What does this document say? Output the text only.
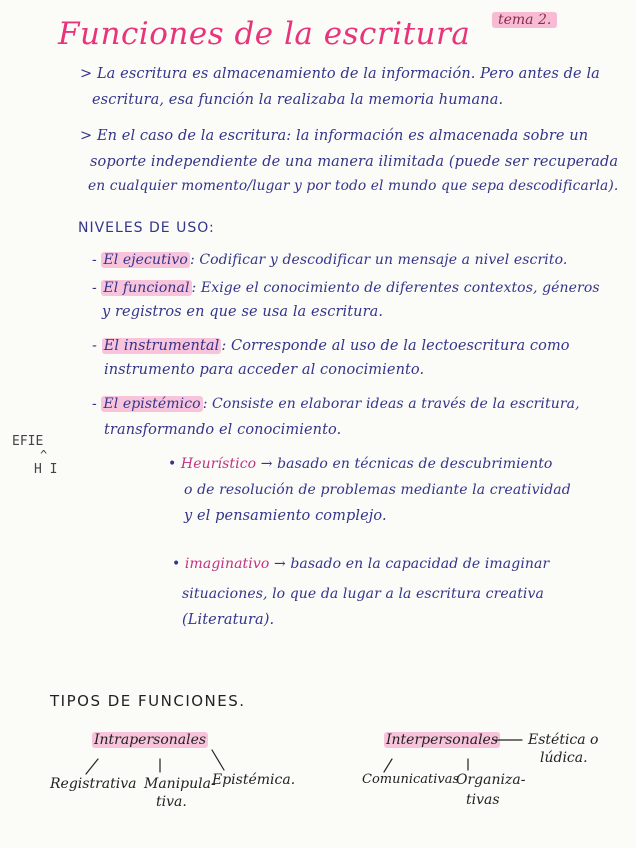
Funciones de la escritura	tema 2.
> La escritura es almacenamiento de la información. Pero antes de la
escritura, esa función la realizaba la memoria humana.
> En el caso de la escritura: la información es almacenada sobre un
soporte independiente de una manera ilimitada (puede ser recuperada
en cualquier momento/lugar y por todo el mundo que sepa descodificarla).
NIVELES DE USO:
- El ejecutivo : Codificar y descodificar un mensaje a nivel escrito.
- El funcional : Exige el conocimiento de diferentes contextos, géneros
y registros en que se usa la escritura.
- El instrumental : Corresponde al uso de la lectoescritura como
instrumento para acceder al conocimiento.
- El epistémico : Consiste en elaborar ideas a través de la escritura,
transformando el conocimiento.
EFIE
^
H I	• Heurístico → basado en técnicas de descubrimiento
o de resolución de problemas mediante la creatividad
y el pensamiento complejo.
• imaginativo → basado en la capacidad de imaginar
situaciones, lo que da lugar a la escritura creativa
(Literatura).
TIPOS DE FUNCIONES.
Intrapersonales
Registrativa Manipula-
tiva.
Epistémica.
Interpersonales Estética o
lúdica.
Comunicativas
Organiza-
tivas
